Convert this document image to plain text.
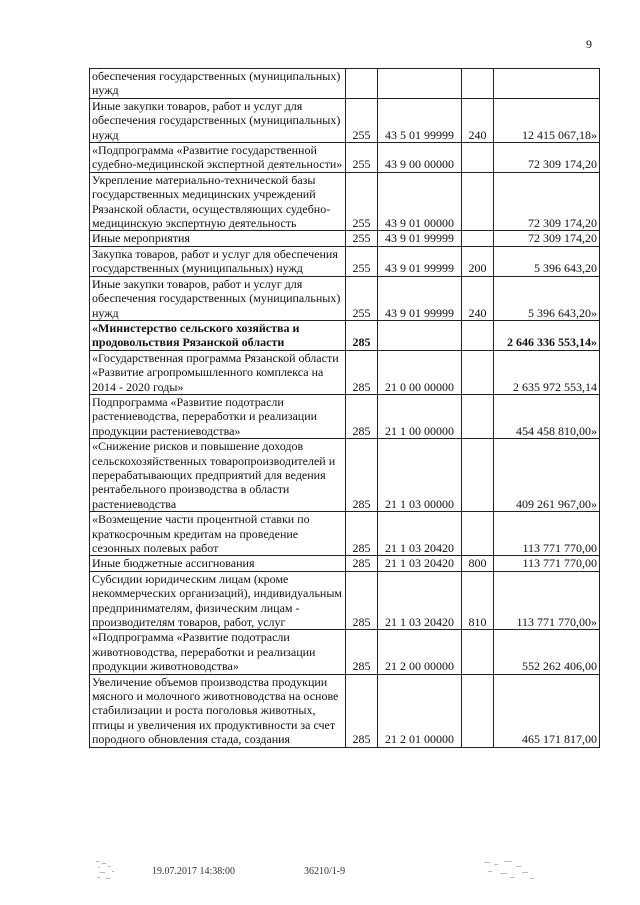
9
обеспечения государственных (муниципальных) нужд				
Иные закупки товаров, работ и услуг для обеспечения государственных (муниципальных) нужд	255	43 5 01 99999	240	12 415 067,18»
«Подпрограмма «Развитие государственной судебно-медицинской экспертной деятельности»	255	43 9 00 00000		72 309 174,20
Укрепление материально-технической базы государственных медицинских учреждений Рязанской области, осуществляющих судебно-медицинскую экспертную деятельность	255	43 9 01 00000		72 309 174,20
Иные мероприятия	255	43 9 01 99999		72 309 174,20
Закупка товаров, работ и услуг для обеспечения государственных (муниципальных) нужд	255	43 9 01 99999	200	5 396 643,20
Иные закупки товаров, работ и услуг для обеспечения государственных (муниципальных) нужд	255	43 9 01 99999	240	5 396 643,20»
«Министерство сельского хозяйства и продовольствия Рязанской области	285			2 646 336 553,14»
«Государственная программа Рязанской области «Развитие агропромышленного комплекса на 2014 - 2020 годы»	285	21 0 00 00000		2 635 972 553,14
Подпрограмма «Развитие подотрасли растениеводства, переработки и реализации продукции растениеводства»	285	21 1 00 00000		454 458 810,00»
«Снижение рисков и повышение доходов сельскохозяйственных товаропроизводителей и перерабатывающих предприятий для ведения рентабельного производства в области растениеводства	285	21 1 03 00000		409 261 967,00»
«Возмещение части процентной ставки по краткосрочным кредитам на проведение сезонных полевых работ	285	21 1 03 20420		113 771 770,00
Иные бюджетные ассигнования	285	21 1 03 20420	800	113 771 770,00
Субсидии юридическим лицам (кроме некоммерческих организаций), индивидуальным предпринимателям, физическим лицам - производителям товаров, работ, услуг	285	21 1 03 20420	810	113 771 770,00»
«Подпрограмма «Развитие подотрасли животноводства, переработки и реализации продукции животноводства»	285	21 2 00 00000		552 262 406,00
Увеличение объемов производства продукции мясного и молочного животноводства на основе стабилизации и роста поголовья животных, птицы и увеличения их продуктивности за счет породного обновления стада, создания	285	21 2 01 00000		465 171 817,00
19.07.2017 14:38:00	36210/1-9
